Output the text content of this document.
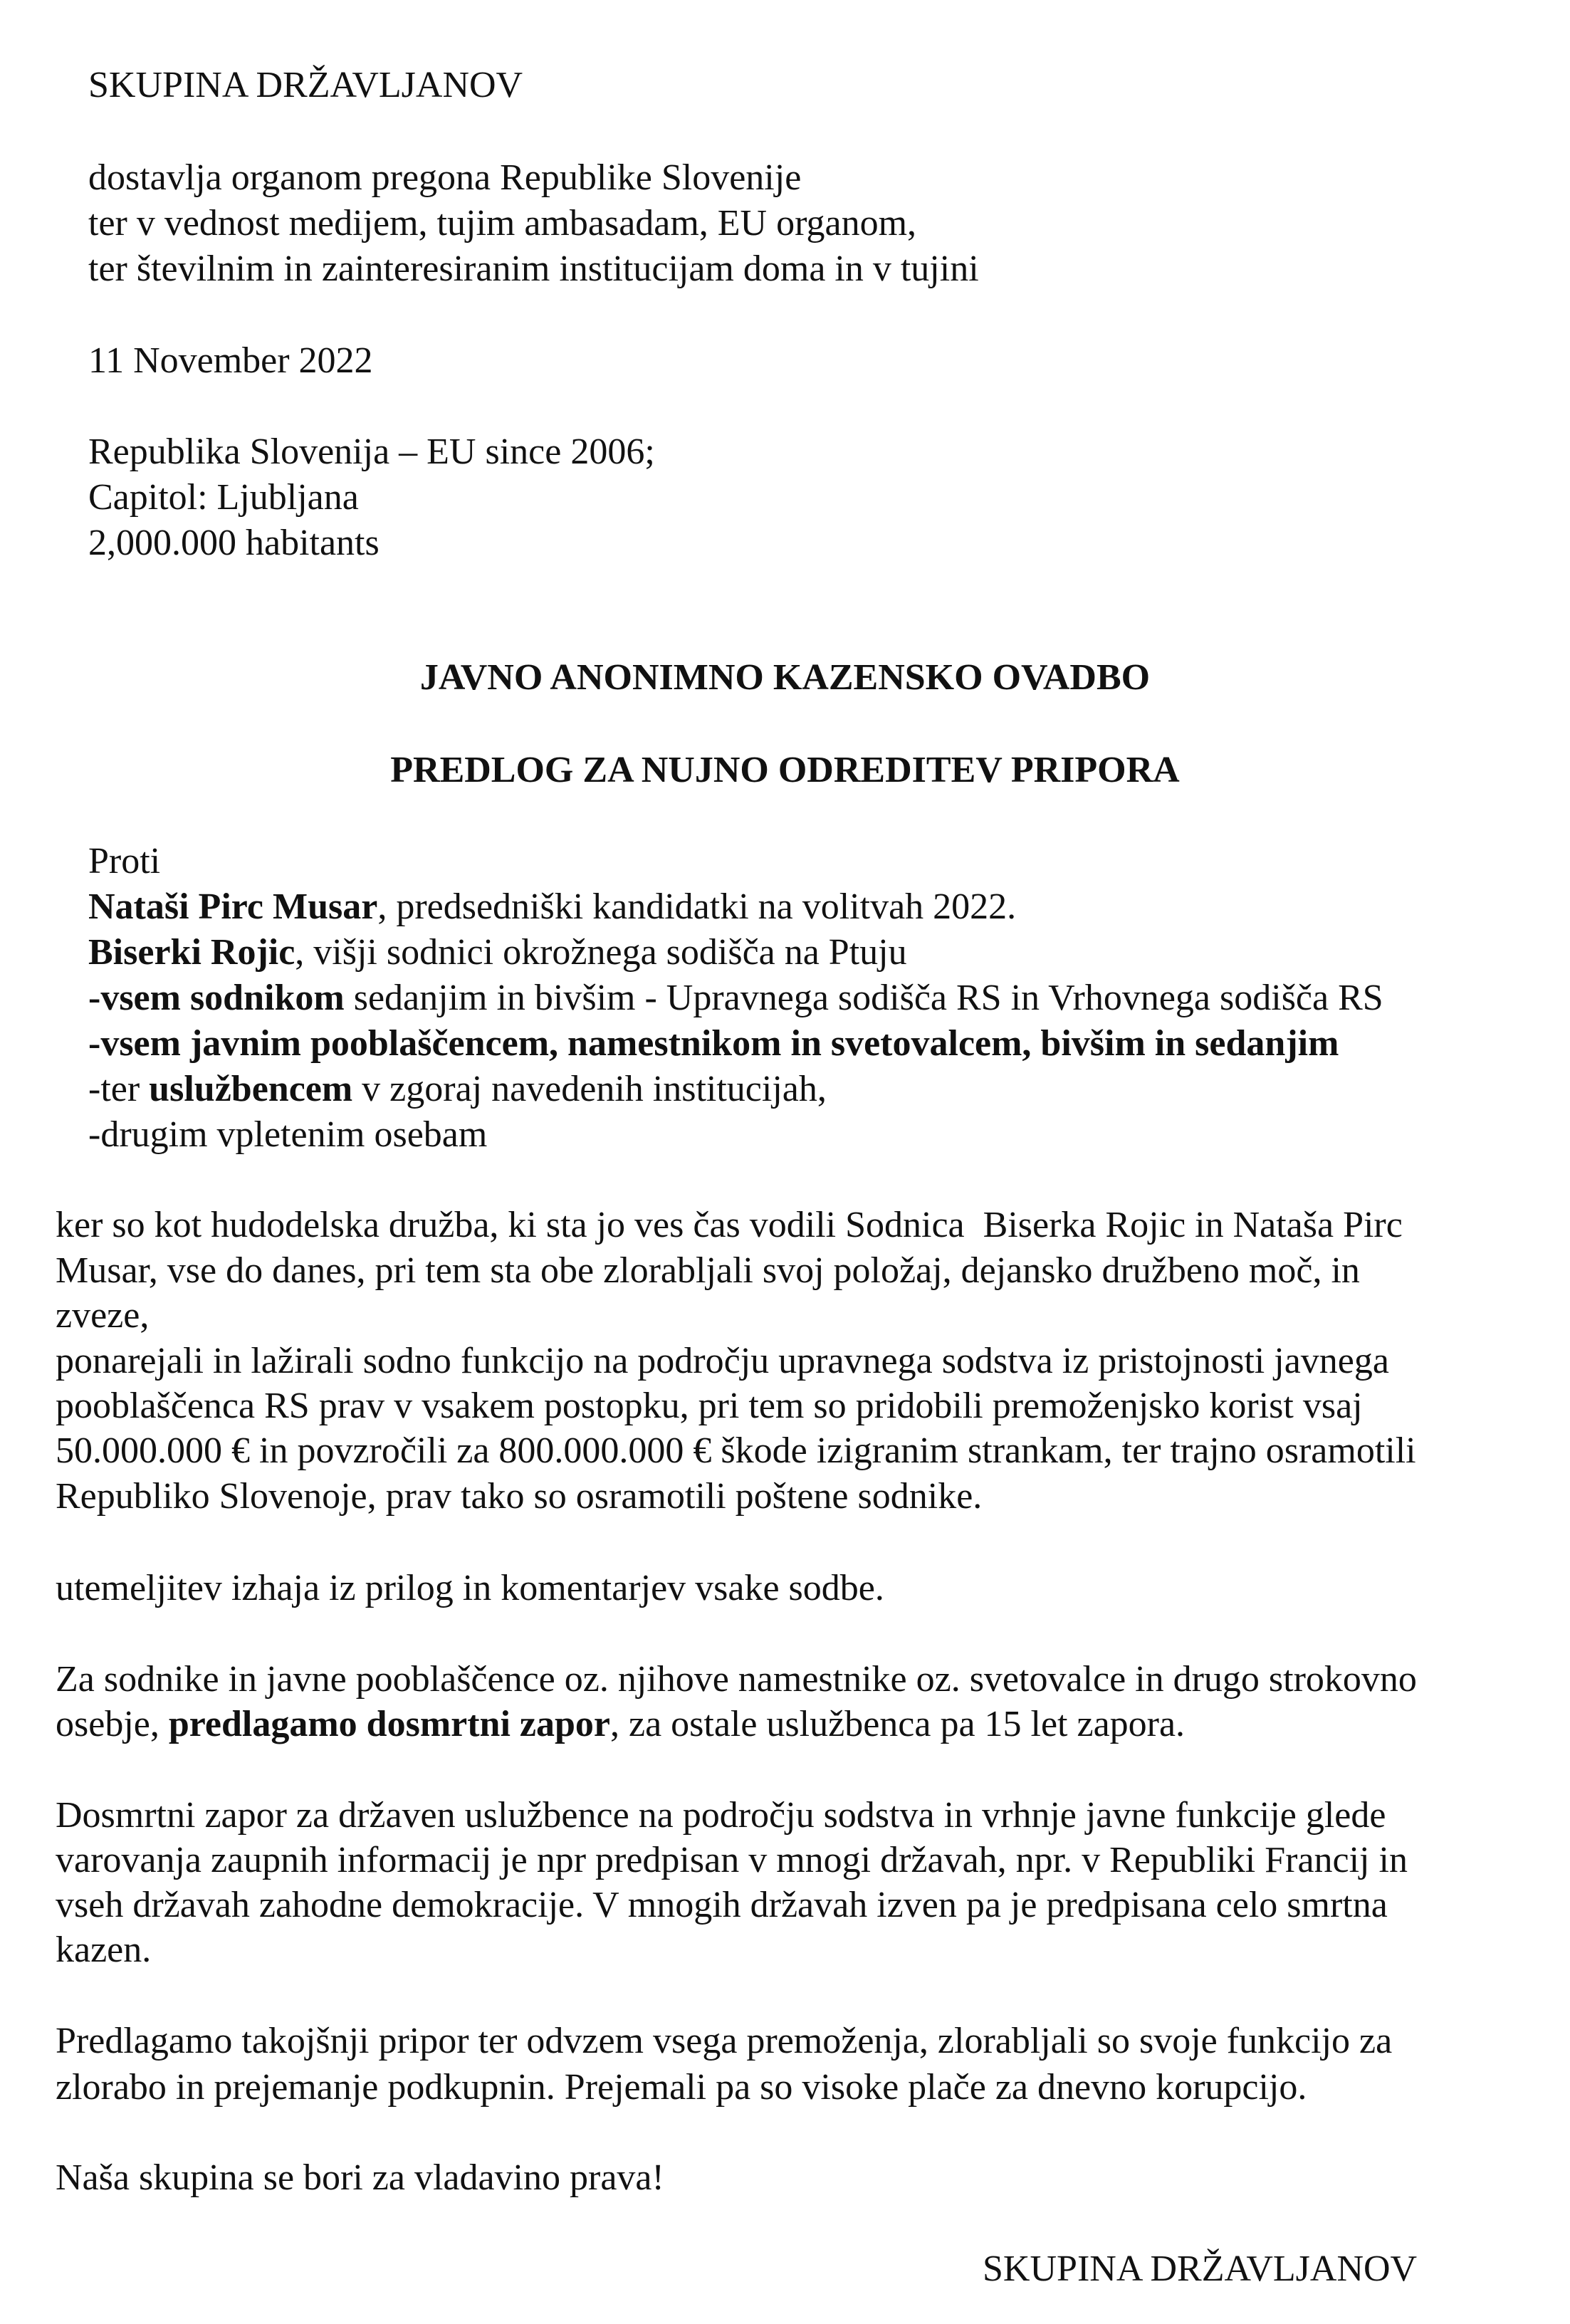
SKUPINA DRŽAVLJANOV
dostavlja organom pregona Republike Slovenije
ter v vednost medijem, tujim ambasadam, EU organom,
ter številnim in zainteresiranim institucijam doma in v tujini
11 November 2022
Republika Slovenija – EU since 2006;
Capitol: Ljubljana
2,000.000 habitants
JAVNO ANONIMNO KAZENSKO OVADBO
PREDLOG ZA NUJNO ODREDITEV PRIPORA
Proti
Nataši Pirc Musar, predsedniški kandidatki na volitvah 2022.
Biserki Rojic, višji sodnici okrožnega sodišča na Ptuju
-vsem sodnikom sedanjim in bivšim - Upravnega sodišča RS in Vrhovnega sodišča RS
-vsem javnim pooblaščencem, namestnikom in svetovalcem, bivšim in sedanjim
-ter uslužbencem v zgoraj navedenih institucijah,
-drugim vpletenim osebam
ker so kot hudodelska družba, ki sta jo ves čas vodili Sodnica  Biserka Rojic in Nataša Pirc
Musar, vse do danes, pri tem sta obe zlorabljali svoj položaj, dejansko družbeno moč, in
zveze,
ponarejali in lažirali sodno funkcijo na področju upravnega sodstva iz pristojnosti javnega
pooblaščenca RS prav v vsakem postopku, pri tem so pridobili premoženjsko korist vsaj
50.000.000 € in povzročili za 800.000.000 € škode izigranim strankam, ter trajno osramotili
Republiko Slovenoje, prav tako so osramotili poštene sodnike.
utemeljitev izhaja iz prilog in komentarjev vsake sodbe.
Za sodnike in javne pooblaščence oz. njihove namestnike oz. svetovalce in drugo strokovno
osebje, predlagamo dosmrtni zapor, za ostale uslužbenca pa 15 let zapora.
Dosmrtni zapor za državen uslužbence na področju sodstva in vrhnje javne funkcije glede
varovanja zaupnih informacij je npr predpisan v mnogi državah, npr. v Republiki Francij in
vseh državah zahodne demokracije. V mnogih državah izven pa je predpisana celo smrtna
kazen.
Predlagamo takojšnji pripor ter odvzem vsega premoženja, zlorabljali so svoje funkcijo za
zlorabo in prejemanje podkupnin. Prejemali pa so visoke plače za dnevno korupcijo.
Naša skupina se bori za vladavino prava!
SKUPINA DRŽAVLJANOV
